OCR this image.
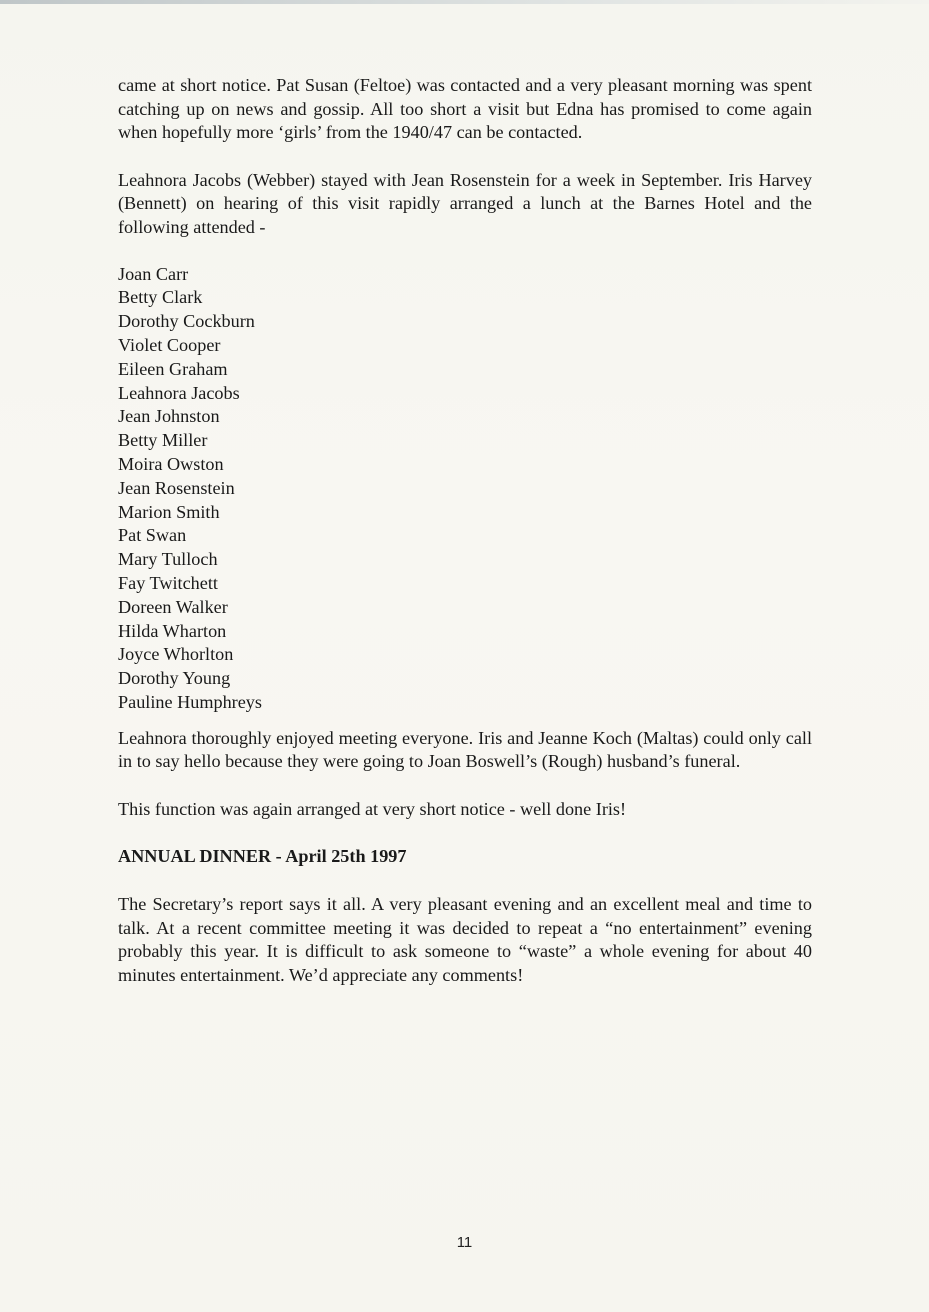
came at short notice. Pat Susan (Feltoe) was contacted and a very pleasant morning was spent catching up on news and gossip. All too short a visit but Edna has promised to come again when hopefully more ‘girls’ from the 1940/47 can be contacted.

Leahnora Jacobs (Webber) stayed with Jean Rosenstein for a week in September. Iris Harvey (Bennett) on hearing of this visit rapidly arranged a lunch at the Barnes Hotel and the following attended -

Joan Carr
Betty Clark
Dorothy Cockburn
Violet Cooper
Eileen Graham
Leahnora Jacobs
Jean Johnston
Betty Miller
Moira Owston
Jean Rosenstein
Marion Smith
Pat Swan
Mary Tulloch
Fay Twitchett
Doreen Walker
Hilda Wharton
Joyce Whorlton
Dorothy Young
Pauline Humphreys

Leahnora thoroughly enjoyed meeting everyone. Iris and Jeanne Koch (Maltas) could only call in to say hello because they were going to Joan Boswell’s (Rough) husband’s funeral.

This function was again arranged at very short notice - well done Iris!

ANNUAL DINNER - April 25th 1997

The Secretary’s report says it all. A very pleasant evening and an excellent meal and time to talk. At a recent committee meeting it was decided to repeat a “no entertainment” evening probably this year. It is difficult to ask someone to “waste” a whole evening for about 40 minutes entertainment. We’d appreciate any comments!

11
